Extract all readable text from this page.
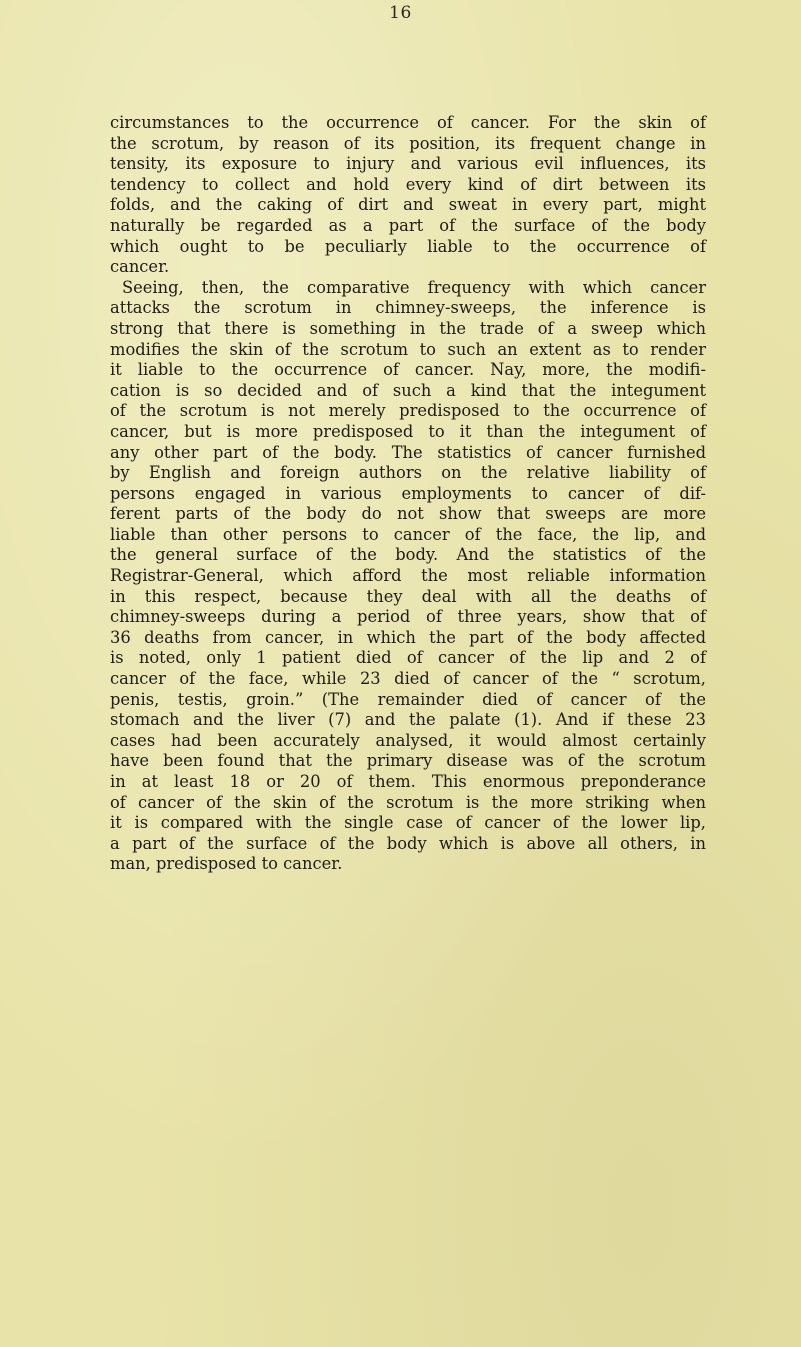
16
circumstances to the occurrence of cancer. For the skin of
the scrotum, by reason of its position, its frequent change in
tensity, its exposure to injury and various evil influences, its
tendency to collect and hold every kind of dirt between its
folds, and the caking of dirt and sweat in every part, might
naturally be regarded as a part of the surface of the body
which ought to be peculiarly liable to the occurrence of
cancer.
Seeing, then, the comparative frequency with which cancer
attacks the scrotum in chimney-sweeps, the inference is
strong that there is something in the trade of a sweep which
modifies the skin of the scrotum to such an extent as to render
it liable to the occurrence of cancer. Nay, more, the modifi-
cation is so decided and of such a kind that the integument
of the scrotum is not merely predisposed to the occurrence of
cancer, but is more predisposed to it than the integument of
any other part of the body. The statistics of cancer furnished
by English and foreign authors on the relative liability of
persons engaged in various employments to cancer of dif-
ferent parts of the body do not show that sweeps are more
liable than other persons to cancer of the face, the lip, and
the general surface of the body. And the statistics of the
Registrar-General, which afford the most reliable information
in this respect, because they deal with all the deaths of
chimney-sweeps during a period of three years, show that of
36 deaths from cancer, in which the part of the body affected
is noted, only 1 patient died of cancer of the lip and 2 of
cancer of the face, while 23 died of cancer of the “ scrotum,
penis, testis, groin.” (The remainder died of cancer of the
stomach and the liver (7) and the palate (1). And if these 23
cases had been accurately analysed, it would almost certainly
have been found that the primary disease was of the scrotum
in at least 18 or 20 of them. This enormous preponderance
of cancer of the skin of the scrotum is the more striking when
it is compared with the single case of cancer of the lower lip,
a part of the surface of the body which is above all others, in
man, predisposed to cancer.
